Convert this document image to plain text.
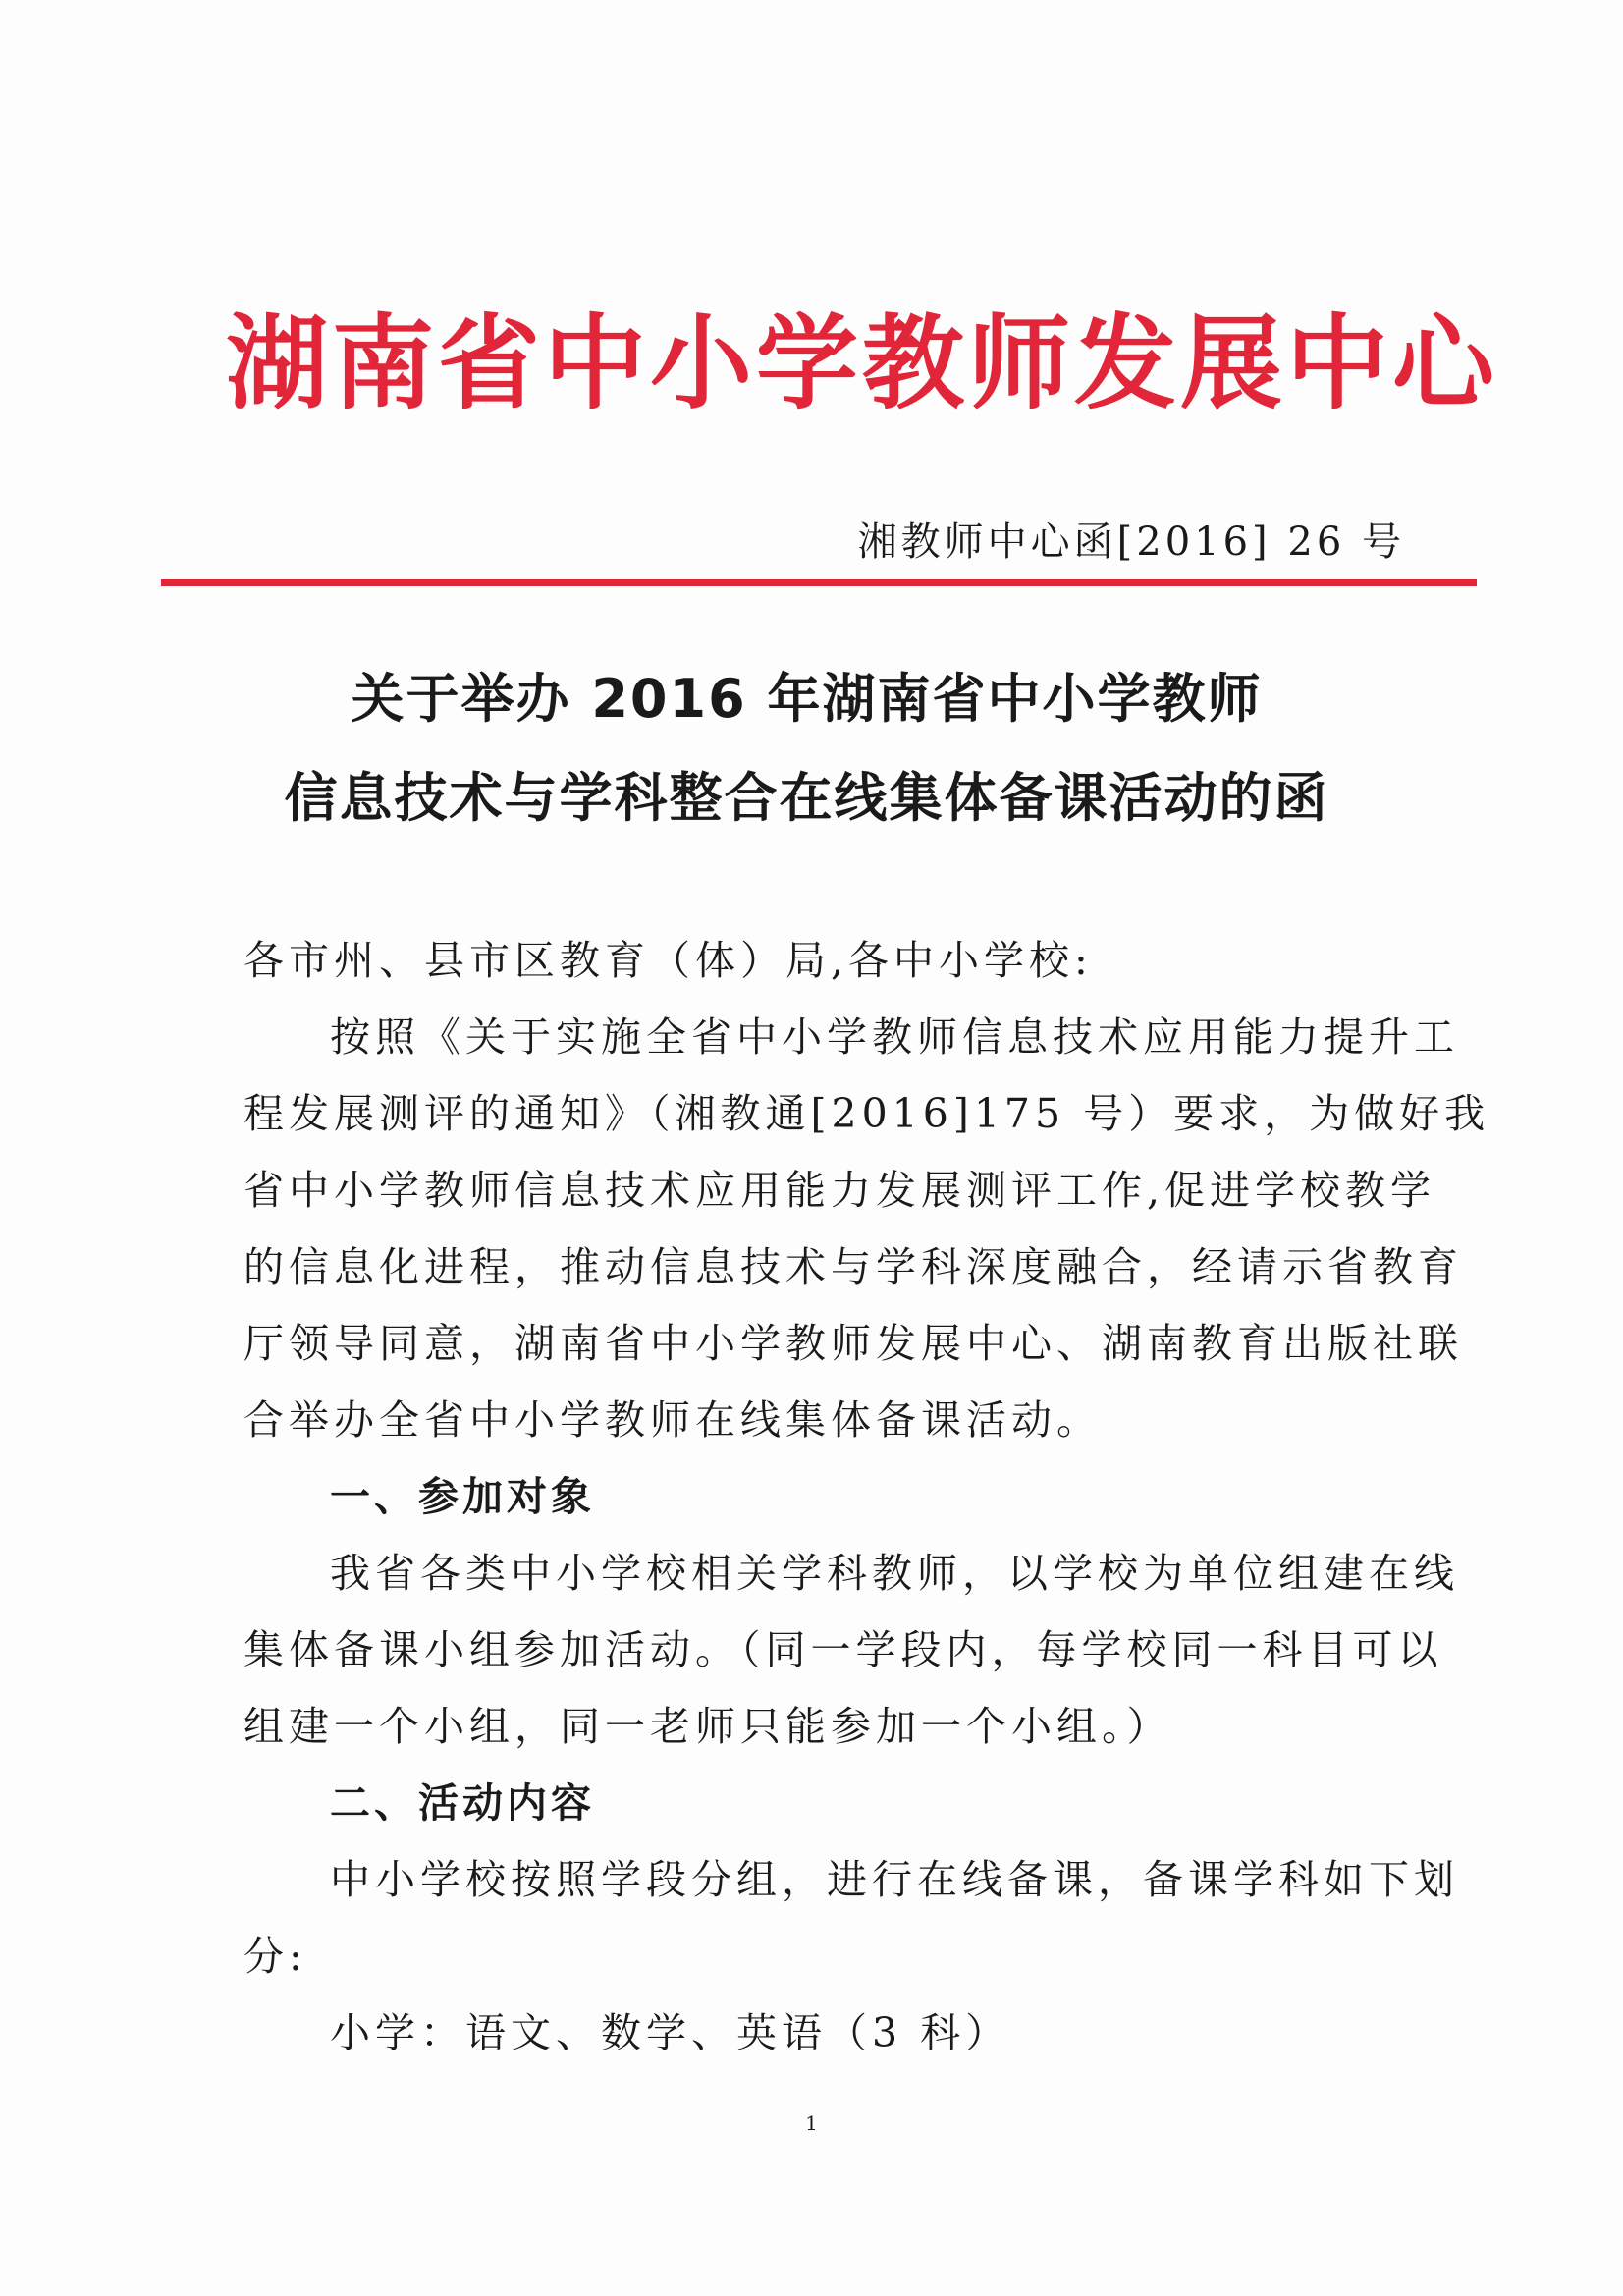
湖南省中小学教师发展中心
湘教师中心函[2016] 26 号
关于举办 2016 年湖南省中小学教师
信息技术与学科整合在线集体备课活动的函
各市州、县市区教育（体）局,各中小学校:
按照《关于实施全省中小学教师信息技术应用能力提升工
程发展测评的通知》（湘教通[2016]175 号）要求，为做好我
省中小学教师信息技术应用能力发展测评工作,促进学校教学
的信息化进程，推动信息技术与学科深度融合，经请示省教育
厅领导同意，湖南省中小学教师发展中心、湖南教育出版社联
合举办全省中小学教师在线集体备课活动。
一、参加对象
我省各类中小学校相关学科教师，以学校为单位组建在线
集体备课小组参加活动。（同一学段内，每学校同一科目可以
组建一个小组，同一老师只能参加一个小组。）
二、活动内容
中小学校按照学段分组，进行在线备课，备课学科如下划
分:
小学：语文、数学、英语（3 科）
1
